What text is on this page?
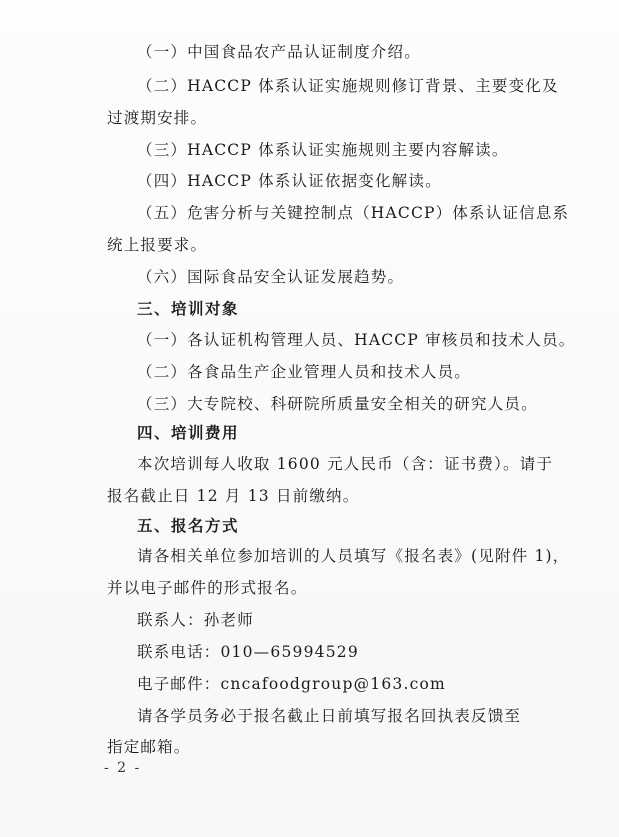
（一）中国食品农产品认证制度介绍。
（二）HACCP 体系认证实施规则修订背景、主要变化及
过渡期安排。
（三）HACCP 体系认证实施规则主要内容解读。
（四）HACCP 体系认证依据变化解读。
（五）危害分析与关键控制点（HACCP）体系认证信息系
统上报要求。
（六）国际食品安全认证发展趋势。
三、培训对象
（一）各认证机构管理人员、HACCP 审核员和技术人员。
（二）各食品生产企业管理人员和技术人员。
（三）大专院校、科研院所质量安全相关的研究人员。
四、培训费用
本次培训每人收取 1600 元人民币（含：证书费）。请于
报名截止日 12 月 13 日前缴纳。
五、报名方式
请各相关单位参加培训的人员填写《报名表》(见附件 1)，
并以电子邮件的形式报名。
联系人：孙老师
联系电话：010—65994529
电子邮件：cncafoodgroup@163.com
请各学员务必于报名截止日前填写报名回执表反馈至
指定邮箱。
- 2 -
